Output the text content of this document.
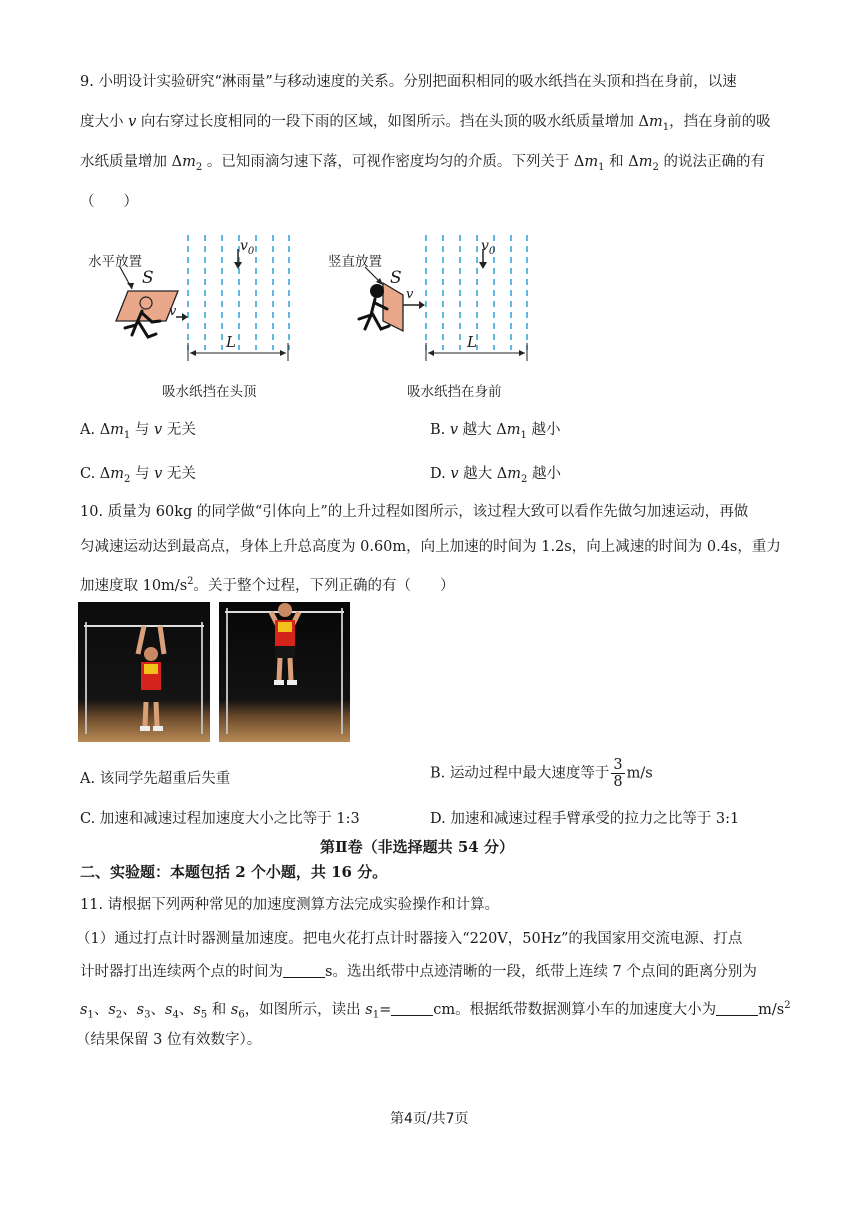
9. 小明设计实验研究“淋雨量”与移动速度的关系。分别把面积相同的吸水纸挡在头顶和挡在身前，以速
度大小 v 向右穿过长度相同的一段下雨的区域，如图所示。挡在头顶的吸水纸质量增加 $\Delta m_1$，挡在身前的吸
水纸质量增加 $\Delta m_2$ 。已知雨滴匀速下落，可视作密度均匀的介质。下列关于 $\Delta m_1$ 和 $\Delta m_2$ 的说法正确的有
（　　）
水平放置
S
v
$v_0$
L
吸水纸挡在头顶
竖直放置
S
v
$v_0$
L
吸水纸挡在身前
A. $\Delta m_1$ 与 v 无关	B. v 越大 $\Delta m_1$ 越小
C. $\Delta m_2$ 与 v 无关	D. v 越大 $\Delta m_2$ 越小
10. 质量为 60kg 的同学做“引体向上”的上升过程如图所示，该过程大致可以看作先做匀加速运动，再做
匀减速运动达到最高点，身体上升总高度为 0.60m，向上加速的时间为 1.2s，向上减速的时间为 0.4s，重力
加速度取 $10m/s^2$。关于整个过程，下列正确的有（　　）
A. 该同学先超重后失重	B. 运动过程中最大速度等于 $\frac{3}{8} m/s$
C. 加速和减速过程加速度大小之比等于 1:3	D. 加速和减速过程手臂承受的拉力之比等于 3:1
第Ⅱ卷（非选择题共 54 分）
二、实验题：本题包括 2 个小题，共 16 分。
11. 请根据下列两种常见的加速度测算方法完成实验操作和计算。
（1）通过打点计时器测量加速度。把电火花打点计时器接入“220V，50Hz”的我国家用交流电源、打点
计时器打出连续两个点的时间为	s。选出纸带中点迹清晰的一段，纸带上连续 7 个点间的距离分别为
$s_1$、$s_2$、$s_3$、$s_4$、$s_5$ 和 $s_6$，如图所示，读出 $s_1=$	cm。根据纸带数据测算小车的加速度大小为	$m/s^2$
（结果保留 3 位有效数字）。
第4页/共7页
